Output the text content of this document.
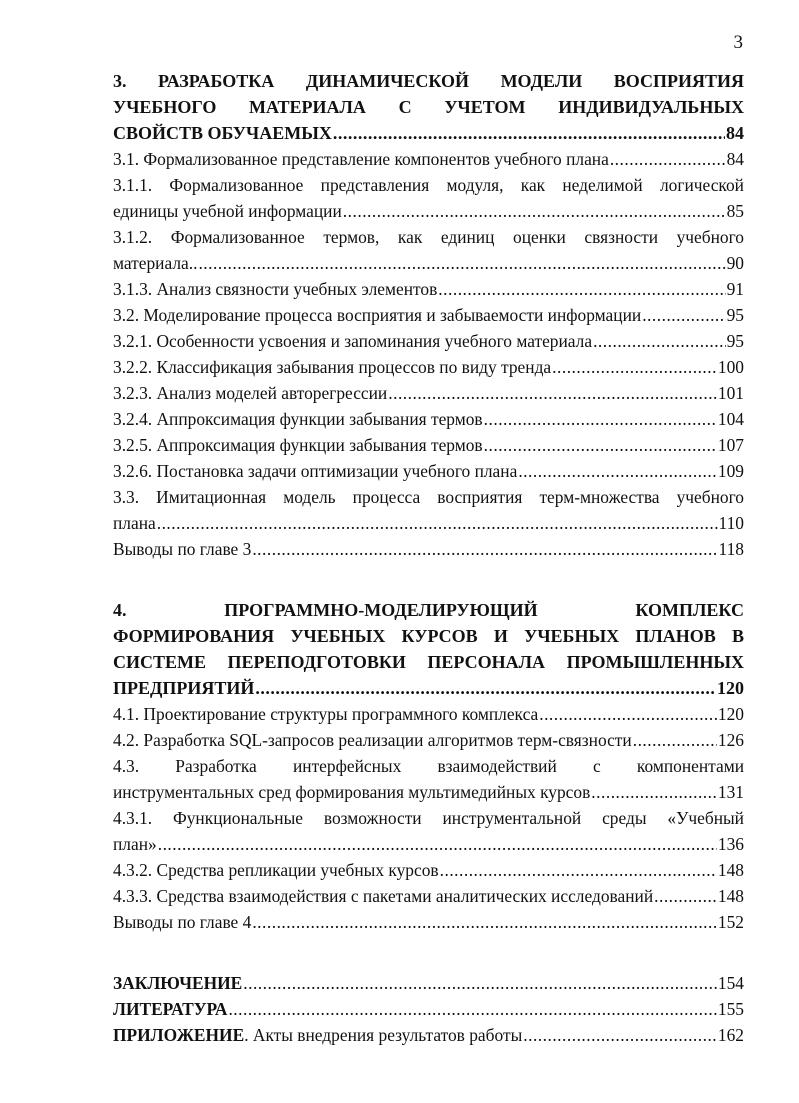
3
3. РАЗРАБОТКА ДИНАМИЧЕСКОЙ МОДЕЛИ ВОСПРИЯТИЯ
УЧЕБНОГО МАТЕРИАЛА С УЧЕТОМ ИНДИВИДУАЛЬНЫХ
СВОЙСТВ ОБУЧАЕМЫХ .....	84
3.1. Формализованное представление компонентов учебного плана .....	84
3.1.1. Формализованное представления модуля, как неделимой логической
единицы учебной информации .....	85
3.1.2. Формализованное термов, как единиц оценки связности учебного
материала.. .....	90
3.1.3. Анализ связности учебных элементов .....	91
3.2. Моделирование процесса восприятия и забываемости информации .....	95
3.2.1. Особенности усвоения и запоминания учебного материала .....	95
3.2.2. Классификация забывания процессов по виду тренда .....	100
3.2.3. Анализ моделей авторегрессии .....	101
3.2.4. Аппроксимация функции забывания термов .....	104
3.2.5. Аппроксимация функции забывания термов .....	107
3.2.6. Постановка задачи оптимизации учебного плана .....	109
3.3. Имитационная модель процесса восприятия терм-множества учебного
плана .....	110
Выводы по главе 3 .....	118
4. ПРОГРАММНО-МОДЕЛИРУЮЩИЙ КОМПЛЕКС
ФОРМИРОВАНИЯ УЧЕБНЫХ КУРСОВ И УЧЕБНЫХ ПЛАНОВ В
СИСТЕМЕ ПЕРЕПОДГОТОВКИ ПЕРСОНАЛА ПРОМЫШЛЕННЫХ
ПРЕДПРИЯТИЙ .....	120
4.1. Проектирование структуры программного комплекса .....	120
4.2. Разработка SQL-запросов реализации алгоритмов терм-связности .....	126
4.3. Разработка интерфейсных взаимодействий с компонентами
инструментальных сред формирования мультимедийных курсов .....	131
4.3.1. Функциональные возможности инструментальной среды «Учебный
план» .....	136
4.3.2. Средства репликации учебных курсов .....	148
4.3.3. Средства взаимодействия с пакетами аналитических исследований .....	148
Выводы по главе 4 .....	152
ЗАКЛЮЧЕНИЕ .....	154
ЛИТЕРАТУРА .....	155
ПРИЛОЖЕНИЕ. Акты внедрения результатов работы .....	162
